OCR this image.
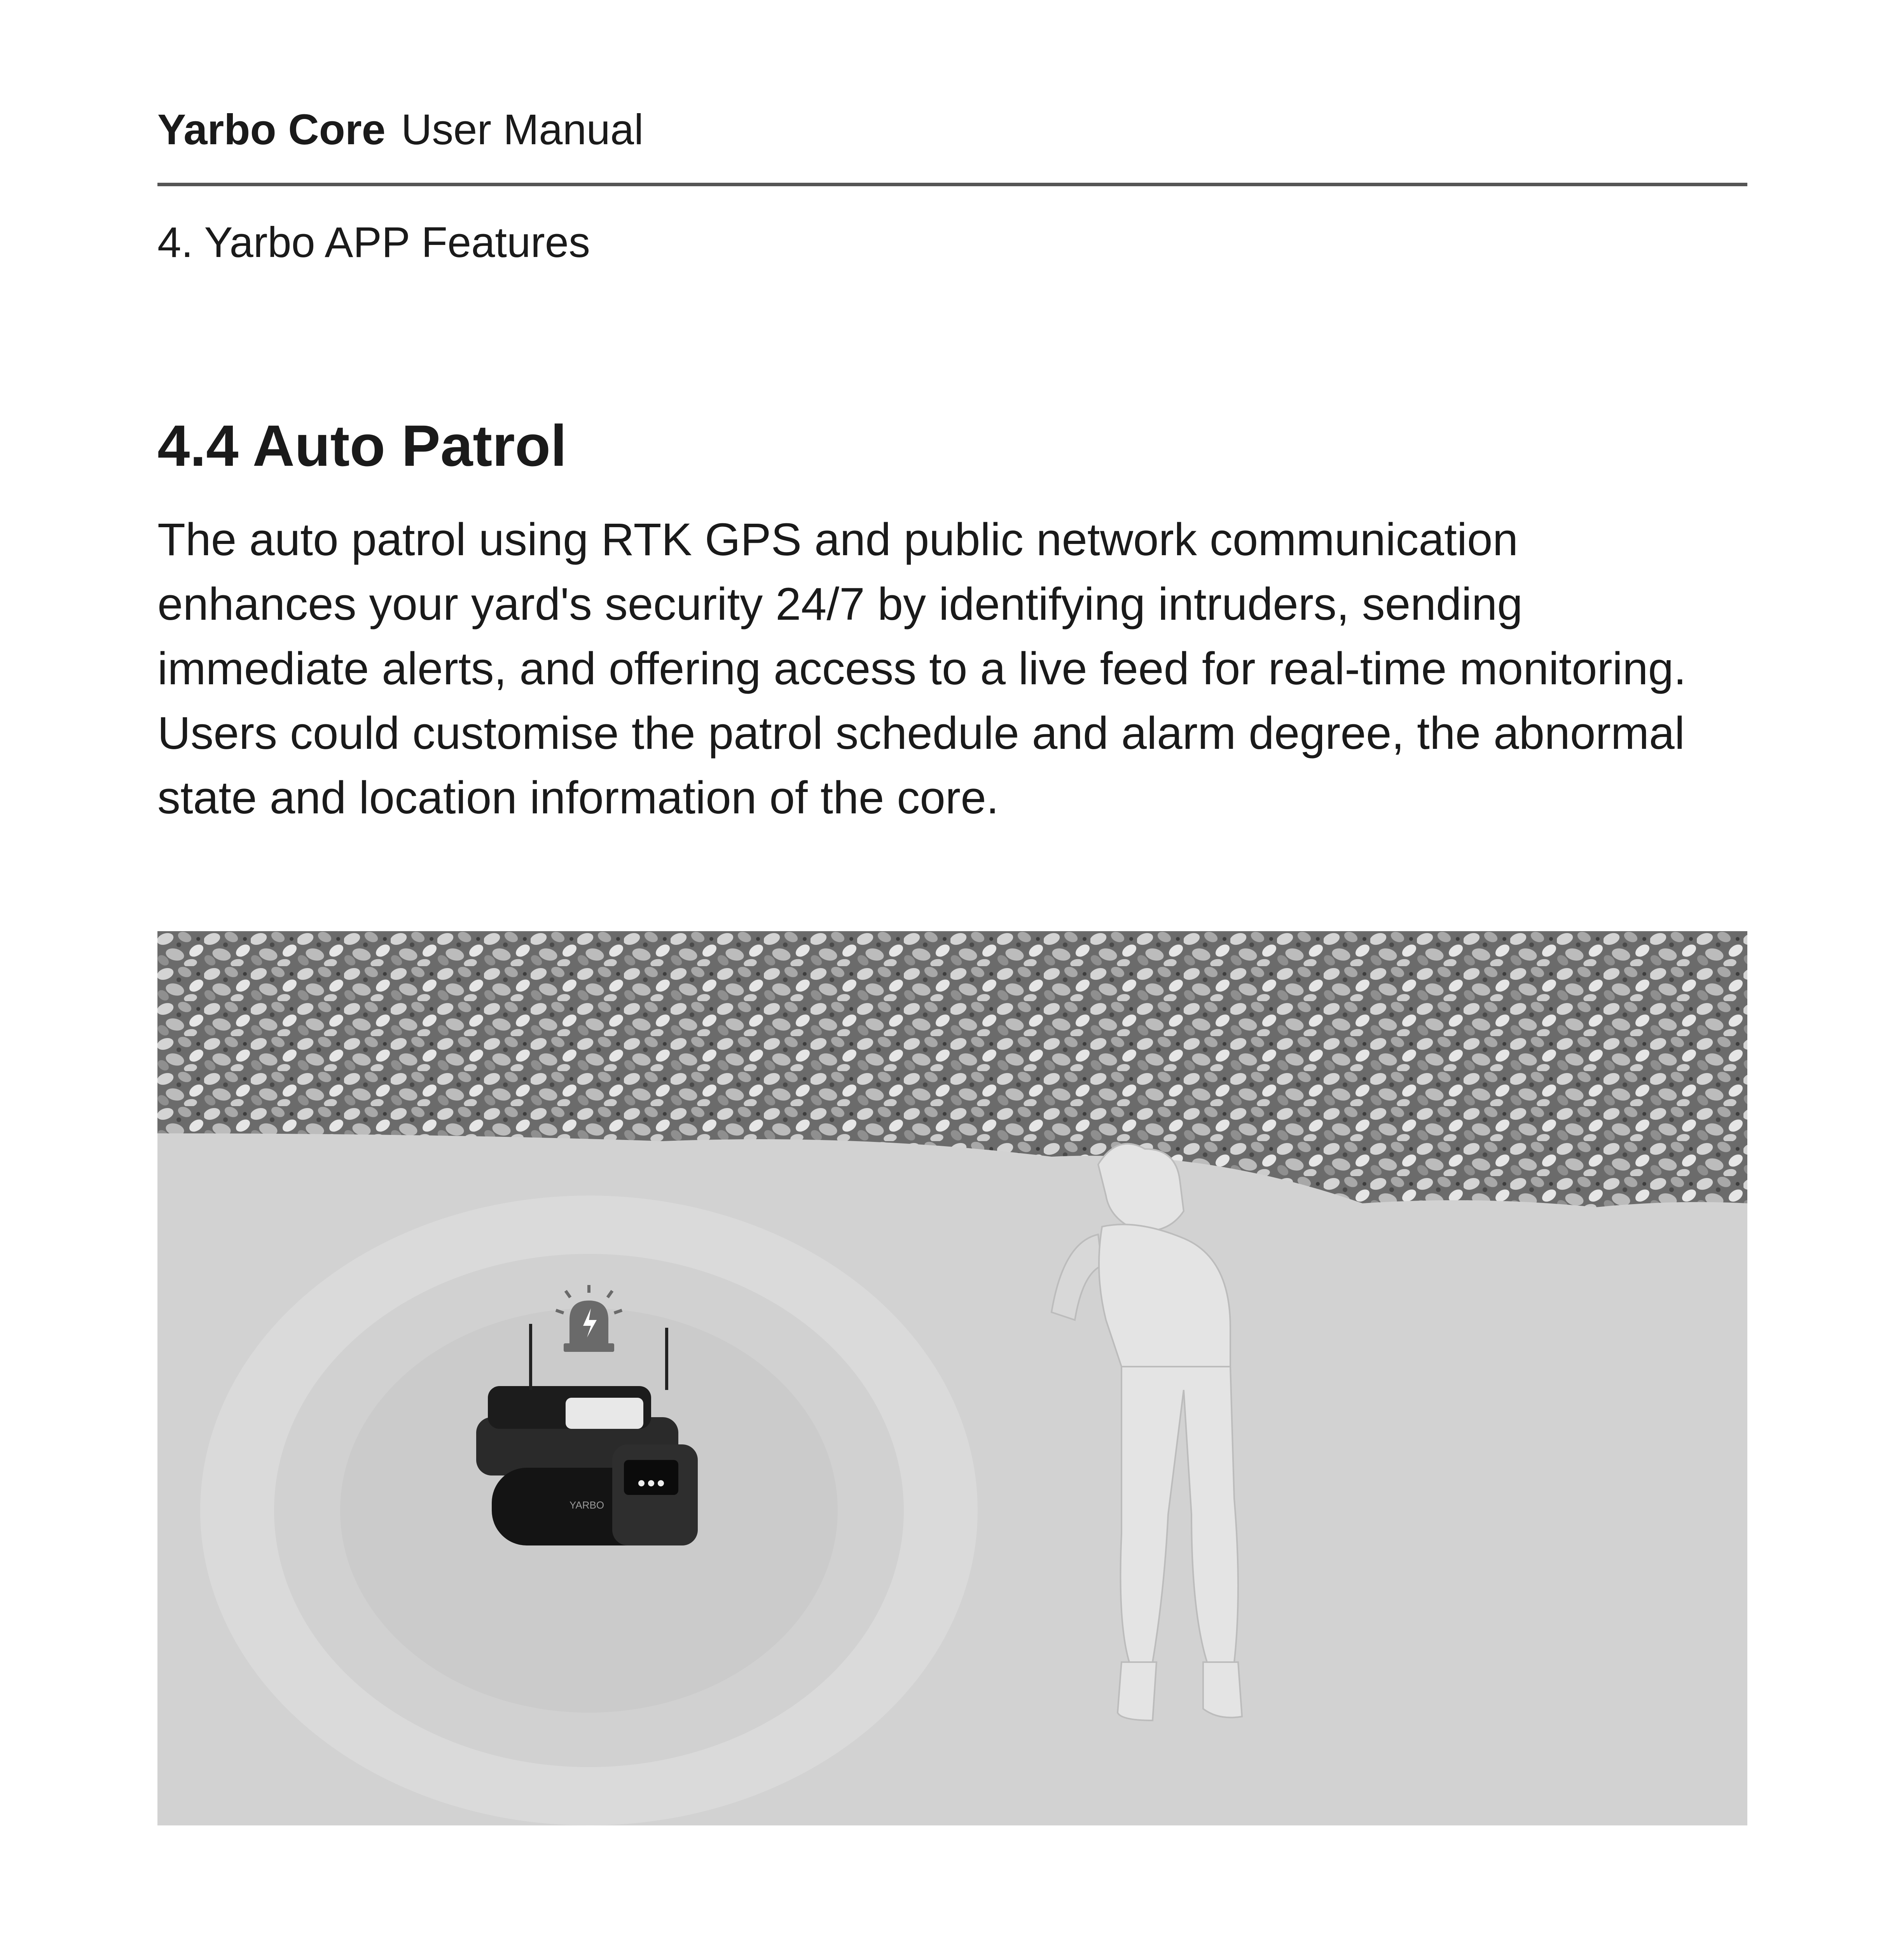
Yarbo Core User Manual
4. Yarbo APP Features
4.4 Auto Patrol

The auto patrol using RTK GPS and public network communication enhances your yard's security 24/7 by identifying intruders, sending immediate alerts, and offering access to a live feed for real-time monitoring. Users could customise the patrol schedule and alarm degree, the abnormal state and location information of the core.

YARBO
